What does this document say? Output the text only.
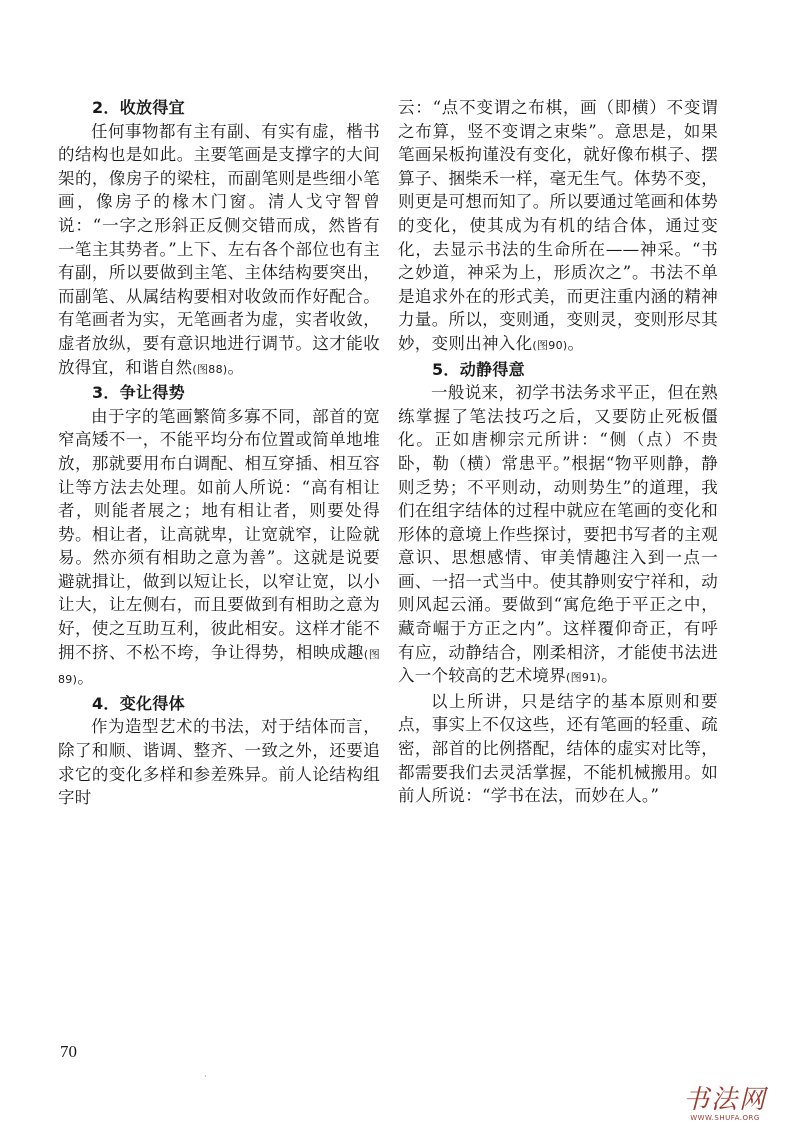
2．收放得宜

任何事物都有主有副、有实有虚，楷书的结构也是如此。主要笔画是支撑字的大间架的，像房子的梁柱，而副笔则是些细小笔画，像房子的椽木门窗。清人戈守智曾说：“一字之形斜正反侧交错而成，然皆有一笔主其势者。”上下、左右各个部位也有主有副，所以要做到主笔、主体结构要突出，而副笔、从属结构要相对收敛而作好配合。有笔画者为实，无笔画者为虚，实者收敛，虚者放纵，要有意识地进行调节。这才能收放得宜，和谐自然(图88)。

3．争让得势

由于字的笔画繁简多寡不同，部首的宽窄高矮不一，不能平均分布位置或简单地堆放，那就要用布白调配、相互穿插、相互容让等方法去处理。如前人所说：“高有相让者，则能者展之；地有相让者，则要处得势。相让者，让高就卑，让宽就窄，让险就易。然亦须有相助之意为善”。这就是说要避就揖让，做到以短让长，以窄让宽，以小让大，让左侧右，而且要做到有相助之意为好，使之互助互利，彼此相安。这样才能不拥不挤、不松不垮，争让得势，相映成趣(图89)。

4．变化得体

作为造型艺术的书法，对于结体而言，除了和顺、谐调、整齐、一致之外，还要追求它的变化多样和参差殊异。前人论结构组字时

云：“点不变谓之布棋，画（即横）不变谓之布算，竖不变谓之束柴”。意思是，如果笔画呆板拘谨没有变化，就好像布棋子、摆算子、捆柴禾一样，毫无生气。体势不变，则更是可想而知了。所以要通过笔画和体势的变化，使其成为有机的结合体，通过变化，去显示书法的生命所在——神采。“书之妙道，神采为上，形质次之”。书法不单是追求外在的形式美，而更注重内涵的精神力量。所以，变则通，变则灵，变则形尽其妙，变则出神入化(图90)。

5．动静得意

一般说来，初学书法务求平正，但在熟练掌握了笔法技巧之后，又要防止死板僵化。正如唐柳宗元所讲：“侧（点）不贵卧，勒（横）常患平。”根据“物平则静，静则乏势；不平则动，动则势生”的道理，我们在组字结体的过程中就应在笔画的变化和形体的意境上作些探讨，要把书写者的主观意识、思想感情、审美情趣注入到一点一画、一招一式当中。使其静则安宁祥和，动则风起云涌。要做到“寓危绝于平正之中，藏奇崛于方正之内”。这样覆仰奇正，有呼有应，动静结合，刚柔相济，才能使书法进入一个较高的艺术境界(图91)。

以上所讲，只是结字的基本原则和要点，事实上不仅这些，还有笔画的轻重、疏密，部首的比例搭配，结体的虚实对比等，都需要我们去灵活掌握，不能机械搬用。如前人所说：“学书在法，而妙在人。”

70
·
书法网
WWW.SHUFA.ORG
